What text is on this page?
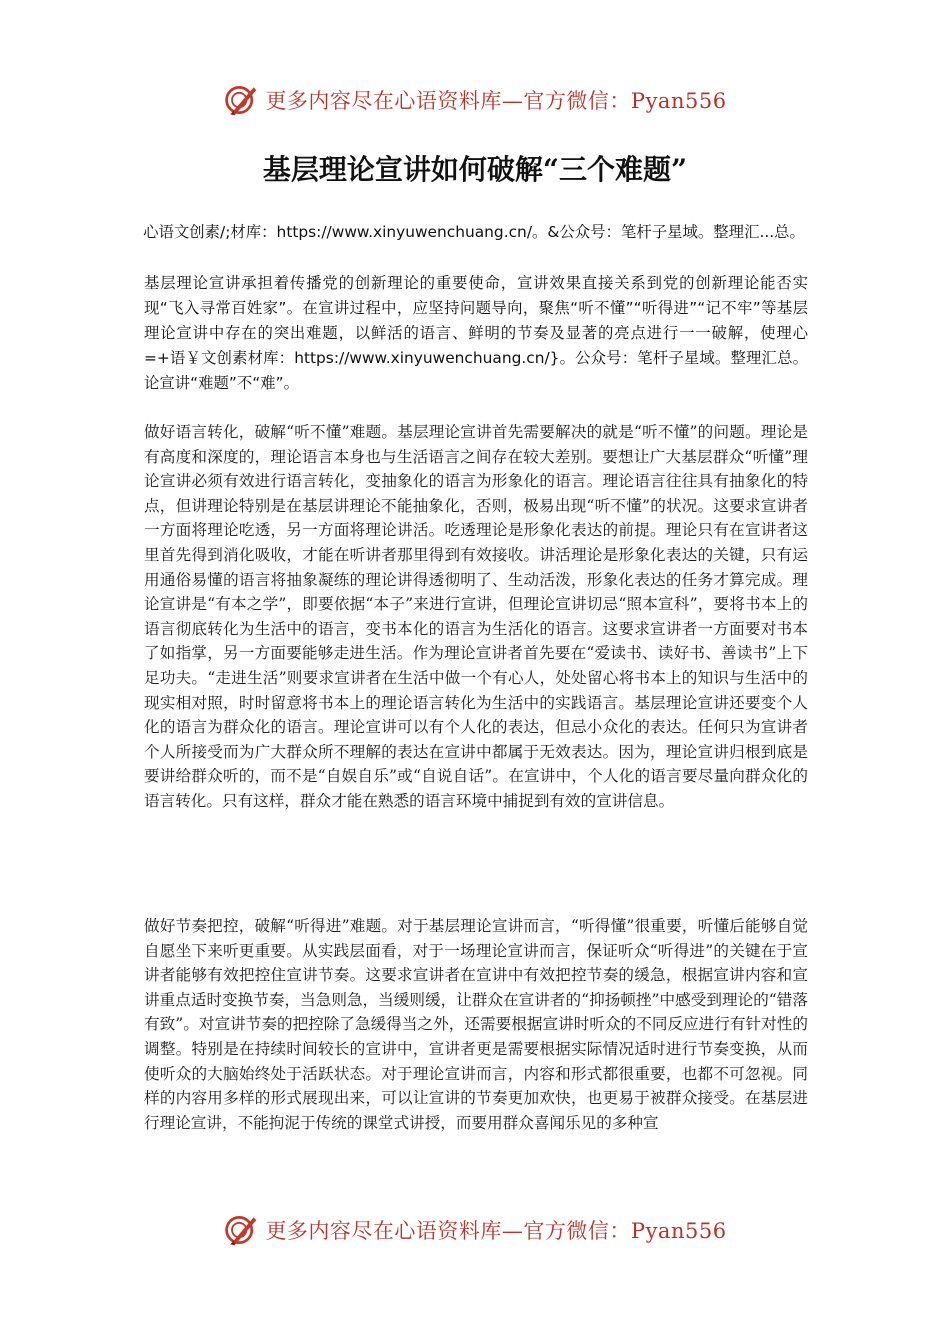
更多内容尽在心语资料库—官方微信：Pyan556
基层理论宣讲如何破解“三个难题”

心语文创素/;材库：https://www.xinyuwenchuang.cn/。&公众号：笔杆子星域。整理汇...总。

基层理论宣讲承担着传播党的创新理论的重要使命，宣讲效果直接关系到党的创新理论能否实现“飞入寻常百姓家”。在宣讲过程中，应坚持问题导向，聚焦“听不懂”“听得进”“记不牢”等基层理论宣讲中存在的突出难题，以鲜活的语言、鲜明的节奏及显著的亮点进行一一破解，使理心=+语￥文创素材库：https://www.xinyuwenchuang.cn/}。公众号：笔杆子星域。整理汇总。论宣讲“难题”不“难”。

做好语言转化，破解“听不懂”难题。基层理论宣讲首先需要解决的就是“听不懂”的问题。理论是有高度和深度的，理论语言本身也与生活语言之间存在较大差别。要想让广大基层群众“听懂”理论宣讲必须有效进行语言转化，变抽象化的语言为形象化的语言。理论语言往往具有抽象化的特点，但讲理论特别是在基层讲理论不能抽象化，否则，极易出现“听不懂”的状况。这要求宣讲者一方面将理论吃透，另一方面将理论讲活。吃透理论是形象化表达的前提。理论只有在宣讲者这里首先得到消化吸收，才能在听讲者那里得到有效接收。讲活理论是形象化表达的关键，只有运用通俗易懂的语言将抽象凝练的理论讲得透彻明了、生动活泼，形象化表达的任务才算完成。理论宣讲是“有本之学”，即要依据“本子”来进行宣讲，但理论宣讲切忌“照本宣科”，要将书本上的语言彻底转化为生活中的语言，变书本化的语言为生活化的语言。这要求宣讲者一方面要对书本了如指掌，另一方面要能够走进生活。作为理论宣讲者首先要在“爱读书、读好书、善读书”上下足功夫。“走进生活”则要求宣讲者在生活中做一个有心人，处处留心将书本上的知识与生活中的现实相对照，时时留意将书本上的理论语言转化为生活中的实践语言。基层理论宣讲还要变个人化的语言为群众化的语言。理论宣讲可以有个人化的表达，但忌小众化的表达。任何只为宣讲者个人所接受而为广大群众所不理解的表达在宣讲中都属于无效表达。因为，理论宣讲归根到底是要讲给群众听的，而不是“自娱自乐”或“自说自话”。在宣讲中，个人化的语言要尽量向群众化的语言转化。只有这样，群众才能在熟悉的语言环境中捕捉到有效的宣讲信息。

做好节奏把控，破解“听得进”难题。对于基层理论宣讲而言，“听得懂”很重要，听懂后能够自觉自愿坐下来听更重要。从实践层面看，对于一场理论宣讲而言，保证听众“听得进”的关键在于宣讲者能够有效把控住宣讲节奏。这要求宣讲者在宣讲中有效把控节奏的缓急，根据宣讲内容和宣讲重点适时变换节奏，当急则急，当缓则缓，让群众在宣讲者的“抑扬顿挫”中感受到理论的“错落有致”。对宣讲节奏的把控除了急缓得当之外，还需要根据宣讲时听众的不同反应进行有针对性的调整。特别是在持续时间较长的宣讲中，宣讲者更是需要根据实际情况适时进行节奏变换，从而使听众的大脑始终处于活跃状态。对于理论宣讲而言，内容和形式都很重要，也都不可忽视。同样的内容用多样的形式展现出来，可以让宣讲的节奏更加欢快，也更易于被群众接受。在基层进行理论宣讲，不能拘泥于传统的课堂式讲授，而要用群众喜闻乐见的多种宣

更多内容尽在心语资料库—官方微信：Pyan556
